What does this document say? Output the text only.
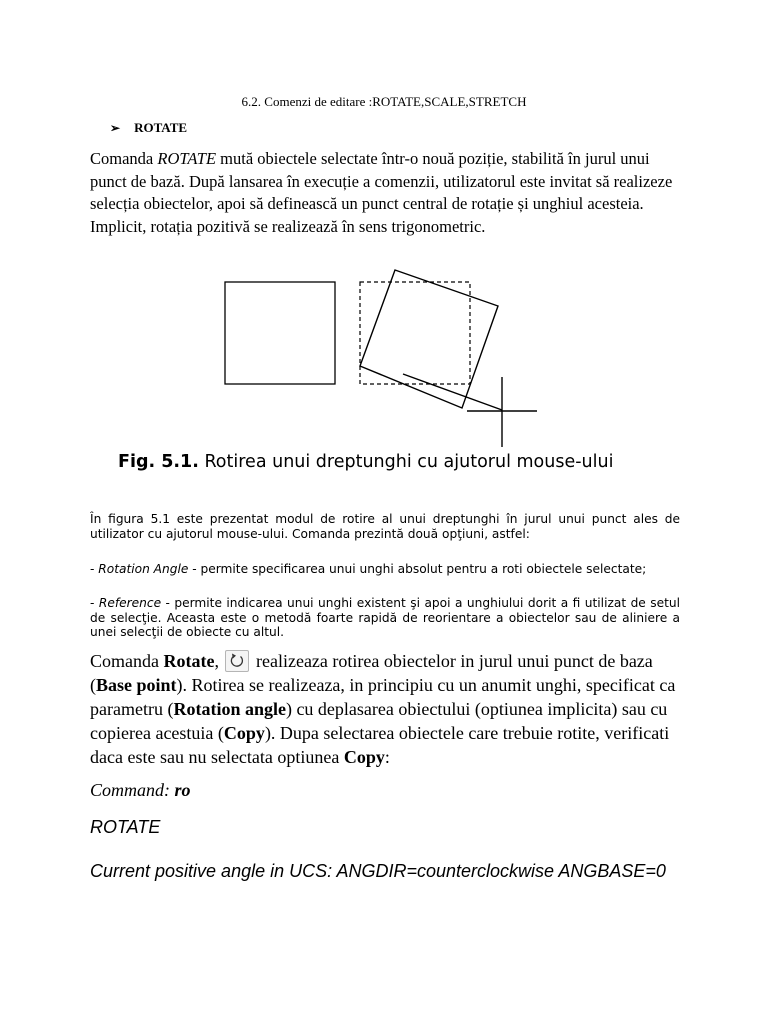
6.2. Comenzi de editare :ROTATE,SCALE,STRETCH
➢ ROTATE
Comanda ROTATE mută obiectele selectate într-o nouă poziție, stabilită în jurul unui punct de bază. După lansarea în execuție a comenzii, utilizatorul este invitat să realizeze selecția obiectelor, apoi să definească un punct central de rotație și unghiul acesteia. Implicit, rotația pozitivă se realizează în sens trigonometric.
Fig. 5.1. Rotirea unui dreptunghi cu ajutorul mouse-ului
În figura 5.1 este prezentat modul de rotire al unui dreptunghi în jurul unui punct ales de utilizator cu ajutorul mouse-ului. Comanda prezintă două opţiuni, astfel:
- Rotation Angle - permite specificarea unui unghi absolut pentru a roti obiectele selectate;
- Reference - permite indicarea unui unghi existent şi apoi a unghiului dorit a fi utilizat de setul de selecţie. Aceasta este o metodă foarte rapidă de reorientare a obiectelor sau de aliniere a unei selecţii de obiecte cu altul.
Comanda Rotate,  realizeaza rotirea obiectelor in jurul unui punct de baza (Base point). Rotirea se realizeaza, in principiu cu un anumit unghi, specificat ca parametru (Rotation angle) cu deplasarea obiectului (optiunea implicita) sau cu copierea acestuia (Copy). Dupa selectarea obiectele care trebuie rotite, verificati daca este sau nu selectata optiunea Copy:
Command: ro
ROTATE
Current positive angle in UCS: ANGDIR=counterclockwise ANGBASE=0
